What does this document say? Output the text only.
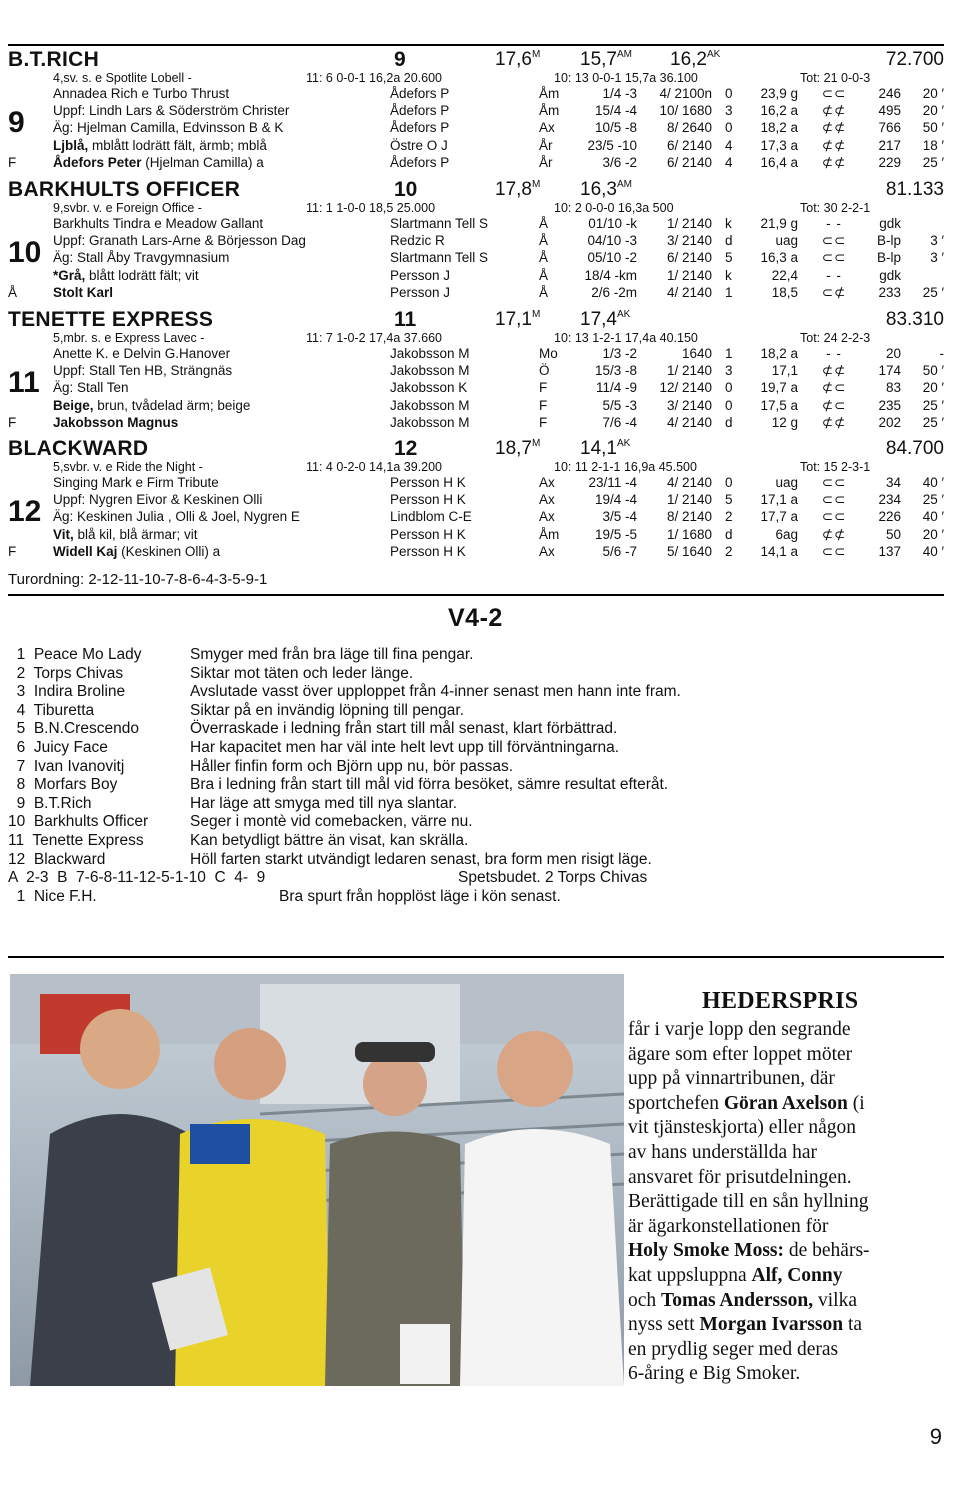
B.T.RICH	9	$17,6^M$ $15,7^{AM}$ $16,2^{AK}$	72.700
4,sv. s. e Spotlite Lobell -	11: 6 0-0-1 16,2a 20.600	10: 13 0-0-1 15,7a 36.100	Tot: 21 0-0-3
Annadea Rich e Turbo Thrust	Ådefors P	Åm	1/4 -3	4/ 2100n 0	23,9 g	⊂⊂	246	20 ′
Uppf: Lindh Lars & Söderström Christer	Ådefors P	Åm	15/4 -4	10/ 1680 3	16,2 a	⊄⊄	495	20 ′
Äg: Hjelman Camilla, Edvinsson B & K	Ådefors P	Ax	10/5 -8	8/ 2640 0	18,2 a	⊄⊄	766	50 ′
Ljblå, mblått lodrätt fält, ärmb; mblå	Östre O J	År	23/5 -10	6/ 2140 4	17,3 a	⊄⊄	217	18 ′
F	Ådefors Peter (Hjelman Camilla) a	Ådefors P	År	3/6 -2	6/ 2140 4	16,4 a	⊄⊄	229	25 ′
9
BARKHULTS OFFICER	10	$17,8^M$ $16,3^{AM}$	81.133
9,svbr. v. e Foreign Office -	11: 1 1-0-0 18,5 25.000	10: 2 0-0-0 16,3a 500	Tot: 30 2-2-1
Barkhults Tindra e Meadow Gallant	Slartmann Tell S	Å	01/10 -k	1/ 2140 k	21,9 g	- -	gdk
Uppf: Granath Lars-Arne & Börjesson Dag	Redzic R	Å	04/10 -3	3/ 2140 d	uag	⊂⊂	B-lp	3 ′
Äg: Stall Åby Travgymnasium	Slartmann Tell S	Å	05/10 -2	6/ 2140 5	16,3 a	⊂⊂	B-lp	3 ′
*Grå, blått lodrätt fält; vit	Persson J	Å	18/4 -km	1/ 2140 k	22,4	- -	gdk
Å	Stolt Karl	Persson J	Å	2/6 -2m	4/ 2140 1	18,5	⊂⊄	233	25 ′
10
TENETTE EXPRESS	11	$17,1^M$ $17,4^{AK}$	83.310
5,mbr. s. e Express Lavec -	11: 7 1-0-2 17,4a 37.660	10: 13 1-2-1 17,4a 40.150	Tot: 24 2-2-3
Anette K. e Delvin G.Hanover	Jakobsson M	Mo	1/3 -2	1640 1	18,2 a	- -	20	-
Uppf: Stall Ten HB, Strängnäs	Jakobsson M	Ö	15/3 -8	1/ 2140 3	17,1	⊄⊄	174	50 ′
Äg: Stall Ten	Jakobsson K	F	11/4 -9	12/ 2140 0	19,7 a	⊄⊂	83	20 ′
Beige, brun, tvådelad ärm; beige	Jakobsson M	F	5/5 -3	3/ 2140 0	17,5 a	⊄⊂	235	25 ′
F	Jakobsson Magnus	Jakobsson M	F	7/6 -4	4/ 2140 d	12 g	⊄⊄	202	25 ′
11
BLACKWARD	12	$18,7^M$ $14,1^{AK}$	84.700
5,svbr. v. e Ride the Night -	11: 4 0-2-0 14,1a 39.200	10: 11 2-1-1 16,9a 45.500	Tot: 15 2-3-1
Singing Mark e Firm Tribute	Persson H K	Ax	23/11 -4	4/ 2140 0	uag	⊂⊂	34	40 ′
Uppf: Nygren Eivor & Keskinen Olli	Persson H K	Ax	19/4 -4	1/ 2140 5	17,1 a	⊂⊂	234	25 ′
Äg: Keskinen Julia , Olli & Joel, Nygren E	Lindblom C-E	Ax	3/5 -4	8/ 2140 2	17,7 a	⊂⊂	226	40 ′
Vit, blå kil, blå ärmar; vit	Persson H K	Åm	19/5 -5	1/ 1680 d	6ag	⊄⊄	50	20 ′
F	Widell Kaj (Keskinen Olli) a	Persson H K	Ax	5/6 -7	5/ 1640 2	14,1 a	⊂⊂	137	40 ′
12
Turordning: 2-12-11-10-7-8-6-4-3-5-9-1
V4-2
1  Peace Mo Lady	Smyger med från bra läge till fina pengar.
2  Torps Chivas	Siktar mot täten och leder länge.
3  Indira Broline	Avslutade vasst över upploppet från 4-inner senast men hann inte fram.
4  Tiburetta	Siktar på en invändig löpning till pengar.
5  B.N.Crescendo	Överraskade i ledning från start till mål senast, klart förbättrad.
6  Juicy Face	Har kapacitet men har väl inte helt levt upp till förväntningarna.
7  Ivan Ivanovitj	Håller finfin form och Björn upp nu, bör passas.
8  Morfars Boy	Bra i ledning från start till mål vid förra besöket, sämre resultat efteråt.
9  B.T.Rich	Har läge att smyga med till nya slantar.
10  Barkhults Officer	Seger i montè vid comebacken, värre nu.
11  Tenette Express	Kan betydligt bättre än visat, kan skrälla.
12  Blackward	Höll farten starkt utvändigt ledaren senast, bra form men risigt läge.
A  2-3  B  7-6-8-11-12-5-1-10  C  4-  9	Spetsbudet. 2 Torps Chivas
1  Nice F.H.	Bra spurt från hopplöst läge i kön senast.
HEDERSPRIS
får i varje lopp den segrande
ägare som efter loppet möter
upp på vinnartribunen, där
sportchefen Göran Axelson (i
vit tjänsteskjorta) eller någon
av hans underställda har
ansvaret för prisutdelningen.
Berättigade till en sån hyllning
är ägarkonstellationen för
Holy Smoke Moss: de behärs-
kat uppsluppna Alf, Conny
och Tomas Andersson, vilka
nyss sett Morgan Ivarsson ta
en prydlig seger med deras
6-åring e Big Smoker.
9
